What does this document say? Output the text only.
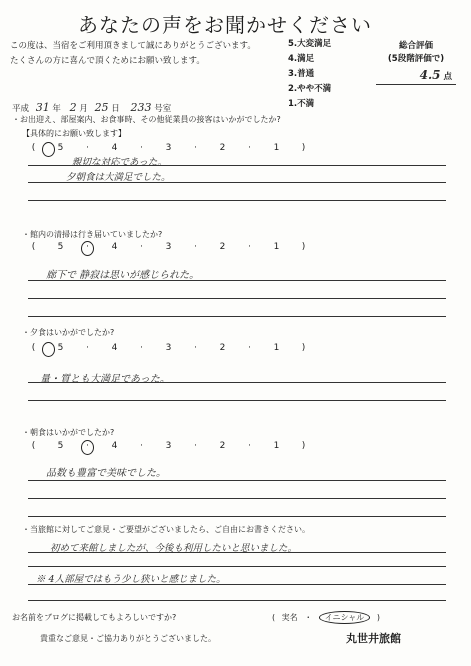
あなたの声をお聞かせください
この度は、当宿をご利用頂きまして誠にありがとうございます。
たくさんの方に喜んで頂くためにお願い致します。
5.大変満足
4.満足
3.普通
2.やや不満
1.不満
総合評価
(5段階評価で)
4.5 点
平成 31 年 2 月 25 日 233 号室
・お出迎え、部屋案内、お食事時、その他従業員の接客はいかがでしたか?
【具体的にお願い致します】
( 5	·	4	·	3	·	2	·	1 )
親切な対応であった。
夕朝食は大満足でした。
・館内の清掃は行き届いていましたか?
( 5	·	4	·	3	·	2	·	1 )
廊下で 静寂は思いが感じられた。
・夕食はいかがでしたか?
( 5	·	4	·	3	·	2	·	1 )
量・質とも大満足であった。
・朝食はいかがでしたか?
( 5	·	4	·	3	·	2	·	1 )
品数も豊富で美味でした。
・当旅館に対してご意見・ご要望がございましたら、ご自由にお書きください。
初めて来館しましたが、今後も利用したいと思いました。
※ 4人部屋ではもう少し狭いと感じました。
お名前をブログに掲載してもよろしいですか?	( 実名 ・ イニシャル )
貴重なご意見・ご協力ありがとうございました。	丸世井旅館
